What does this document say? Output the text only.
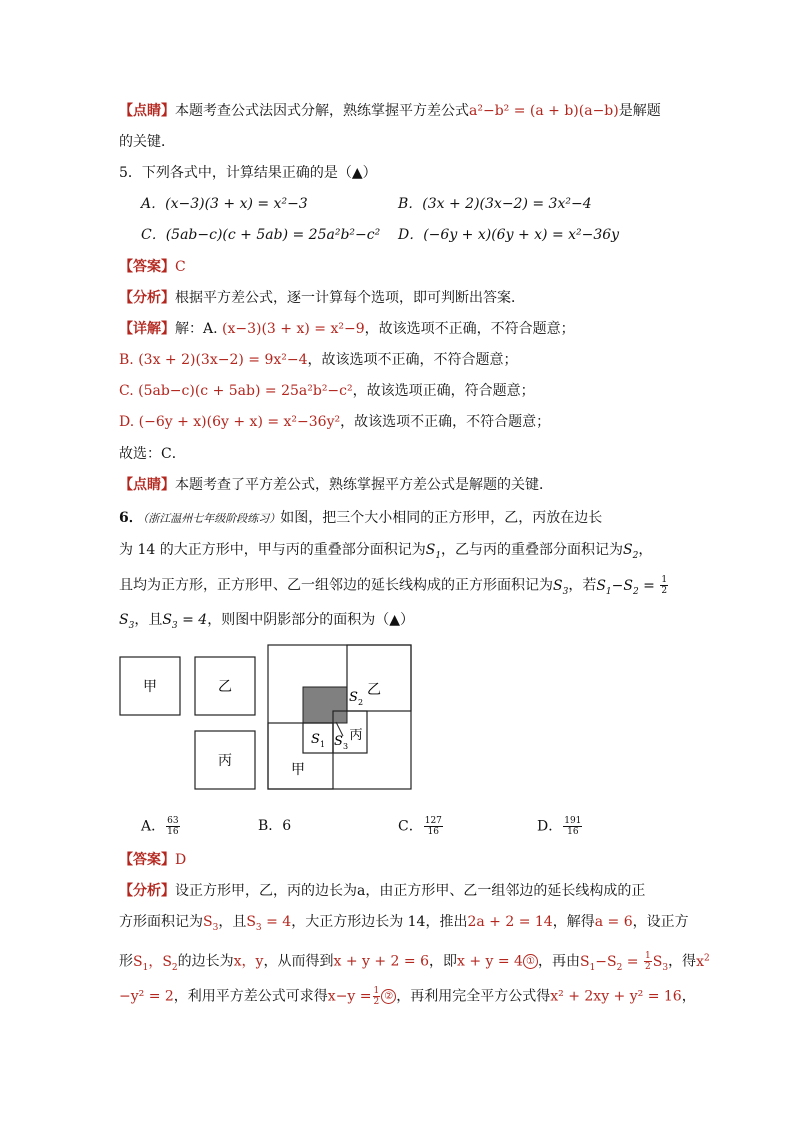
【点睛】本题考查公式法因式分解，熟练掌握平方差公式a²−b² = (a + b)(a−b)是解题
的关键．
5．下列各式中，计算结果正确的是（▲）
A．(x−3)(3 + x) = x²−3	B．(3x + 2)(3x−2) = 3x²−4
C．(5ab−c)(c + 5ab) = 25a²b²−c² D．(−6y + x)(6y + x) = x²−36y
【答案】C
【分析】根据平方差公式，逐一计算每个选项，即可判断出答案．
【详解】解：A. (x−3)(3 + x) = x²−9，故该选项不正确，不符合题意；
B. (3x + 2)(3x−2) = 9x²−4，故该选项不正确，不符合题意；
C. (5ab−c)(c + 5ab) = 25a²b²−c²，故该选项正确，符合题意；
D. (−6y + x)(6y + x) = x²−36y²，故该选项不正确，不符合题意；
故选：C．
【点睛】本题考查了平方差公式，熟练掌握平方差公式是解题的关键．
6．（浙江温州七年级阶段练习）如图，把三个大小相同的正方形甲，乙，丙放在边长
为 14 的大正方形中，甲与丙的重叠部分面积记为$S_1$，乙与丙的重叠部分面积记为$S_2$，
且均为正方形，正方形甲、乙一组邻边的延长线构成的正方形面积记为$S_3$，若$S_1-S_2 = \frac{1}{2}$
$S_3$，且$S_3 = 4$，则图中阴影部分的面积为（▲）
甲	乙
丙
乙
甲
丙
S 2
S 1 S 3
A． $\frac{63}{16}$	B．6	C． $\frac{127}{16}$	D． $\frac{191}{16}$
【答案】D
【分析】设正方形甲，乙，丙的边长为a，由正方形甲、乙一组邻边的延长线构成的正
方形面积记为$S_3$，且$S_3 = 4$，大正方形边长为 14，推出2a + 2 = 14，解得a = 6，设正方
形$S_1$，$S_2$的边长为x，y，从而得到x + y + 2 = 6，即x + y = 4 ① ，再由$S_1-S_2 = \frac{1}{2} S_3$，得$x^2$
−y² = 2，利用平方差公式可求得$x-y = \frac{1}{2}$ ② ，再利用完全平方公式得x² + 2xy + y² = 16，
